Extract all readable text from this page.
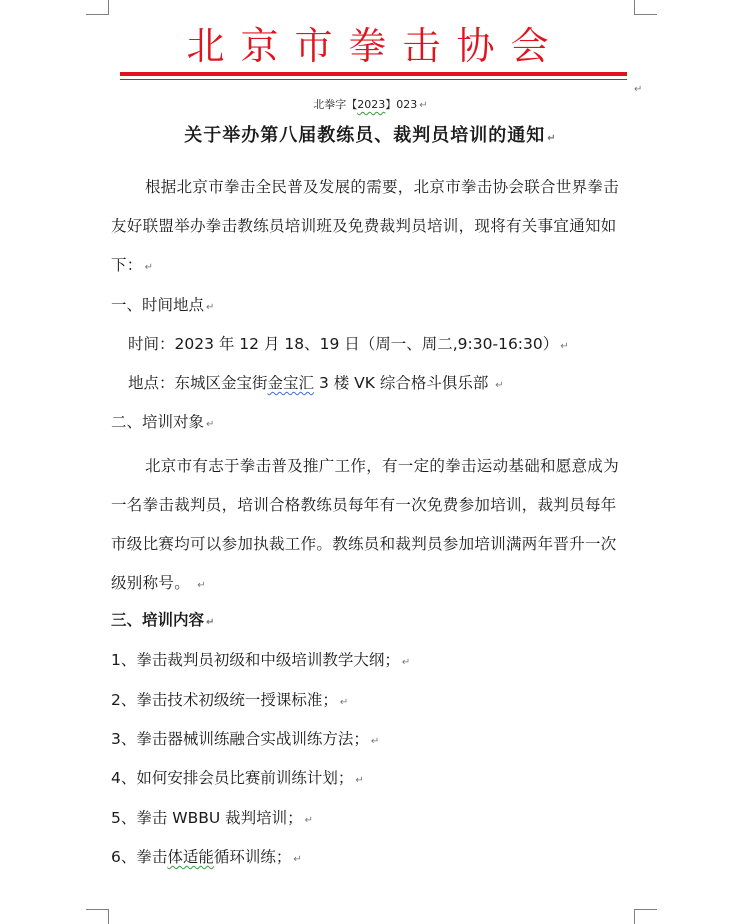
北京市拳击协会
↵
北拳字【2023】023 ↵
关于举办第八届教练员、裁判员培训的通知 ↵
根据北京市拳击全民普及发展的需要，北京市拳击协会联合世界拳击友好联盟举办拳击教练员培训班及免费裁判员培训，现将有关事宜通知如下： ↵
一、时间地点 ↵
时间：2023 年 12 月 18、19 日（周一、周二,9:30-16:30） ↵
地点：东城区金宝街金宝汇 3 楼 VK 综合格斗俱乐部 ↵
二、培训对象 ↵
北京市有志于拳击普及推广工作，有一定的拳击运动基础和愿意成为一名拳击裁判员，培训合格教练员每年有一次免费参加培训，裁判员每年市级比赛均可以参加执裁工作。教练员和裁判员参加培训满两年晋升一次级别称号。 ↵
三、培训内容 ↵
1、拳击裁判员初级和中级培训教学大纲； ↵
2、拳击技术初级统一授课标准； ↵
3、拳击器械训练融合实战训练方法； ↵
4、如何安排会员比赛前训练计划； ↵
5、拳击 WBBU 裁判培训； ↵
6、拳击体适能循环训练； ↵
